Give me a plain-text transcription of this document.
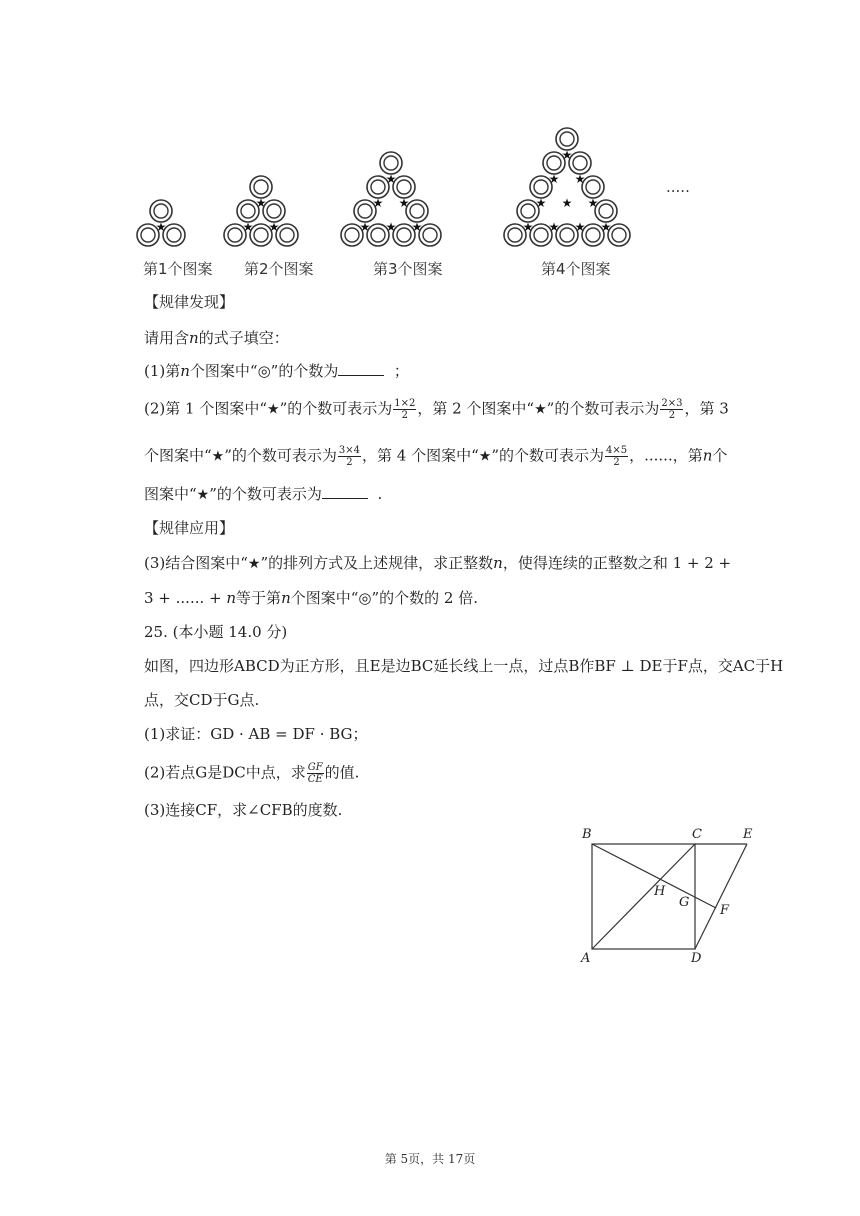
★	★ ★
★
★ ★ ★
★ ★
★
★ ★ ★ ★
★ ★ ★
★ ★
★
第1个图案 第2个图案	第3个图案	第4个图案
.....
【规律发现】
请用含n的式子填空：
(1)第n个图案中“◎”的个数为	；
(2)第 1 个图案中“★”的个数可表示为 $\frac{1\times 2}{2}$ ，第 2 个图案中“★”的个数可表示为 $\frac{2\times 3}{2}$ ，第 3
个图案中“★”的个数可表示为 $\frac{3\times 4}{2}$ ，第 4 个图案中“★”的个数可表示为 $\frac{4\times 5}{2}$ ，......，第n个
图案中“★”的个数可表示为	.
【规律应用】
(3)结合图案中“★”的排列方式及上述规律，求正整数n，使得连续的正整数之和 1 + 2 +
3 + ...... + n等于第n个图案中“◎”的个数的 2 倍.
25. (本小题 14.0 分)
如图，四边形ABCD为正方形，且E是边BC延长线上一点，过点B作BF ⊥ DE于F点，交AC于H
点，交CD于G点.
(1)求证：GD · AB = DF · BG；
(2)若点G是DC中点，求 $\frac{GF}{CE}$ 的值.
(3)连接CF，求∠CFB的度数.
B	C	E
H
G
F
A	D
第 5页，共 17页
